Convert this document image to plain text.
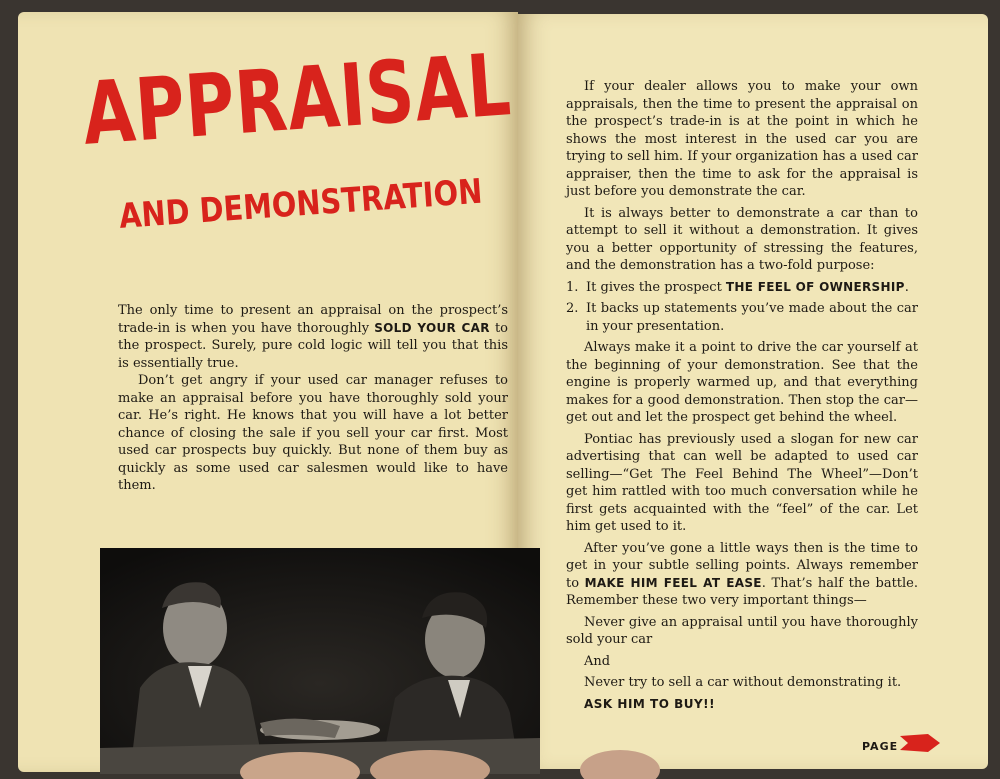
APPRAISAL
AND DEMONSTRATION

The only time to present an appraisal on the prospect’s trade-in is when you have thoroughly SOLD YOUR CAR to the prospect. Surely, pure cold logic will tell you that this is essentially true.

Don’t get angry if your used car manager refuses to make an appraisal before you have thoroughly sold your car. He’s right. He knows that you will have a lot better chance of closing the sale if you sell your car first. Most used car prospects buy quickly. But none of them buy as quickly as some used car salesmen would like to have them.

If your dealer allows you to make your own appraisals, then the time to present the appraisal on the prospect’s trade-in is at the point in which he shows the most interest in the used car you are trying to sell him. If your organization has a used car appraiser, then the time to ask for the appraisal is just before you demonstrate the car.

It is always better to demonstrate a car than to attempt to sell it without a demonstration. It gives you a better opportunity of stressing the features, and the demonstration has a two-fold purpose:

1. It gives the prospect THE FEEL OF OWNERSHIP.
2. It backs up statements you’ve made about the car in your presentation.

Always make it a point to drive the car yourself at the beginning of your demonstration. See that the engine is properly warmed up, and that everything makes for a good demonstration. Then stop the car—get out and let the prospect get behind the wheel.

Pontiac has previously used a slogan for new car advertising that can well be adapted to used car selling—“Get The Feel Behind The Wheel”—Don’t get him rattled with too much conversation while he first gets acquainted with the “feel” of the car. Let him get used to it.

After you’ve gone a little ways then is the time to get in your subtle selling points. Always remember to MAKE HIM FEEL AT EASE. That’s half the battle. Remember these two very important things—

Never give an appraisal until you have thoroughly sold your car

And

Never try to sell a car without demonstrating it.

ASK HIM TO BUY!!

PAGE
